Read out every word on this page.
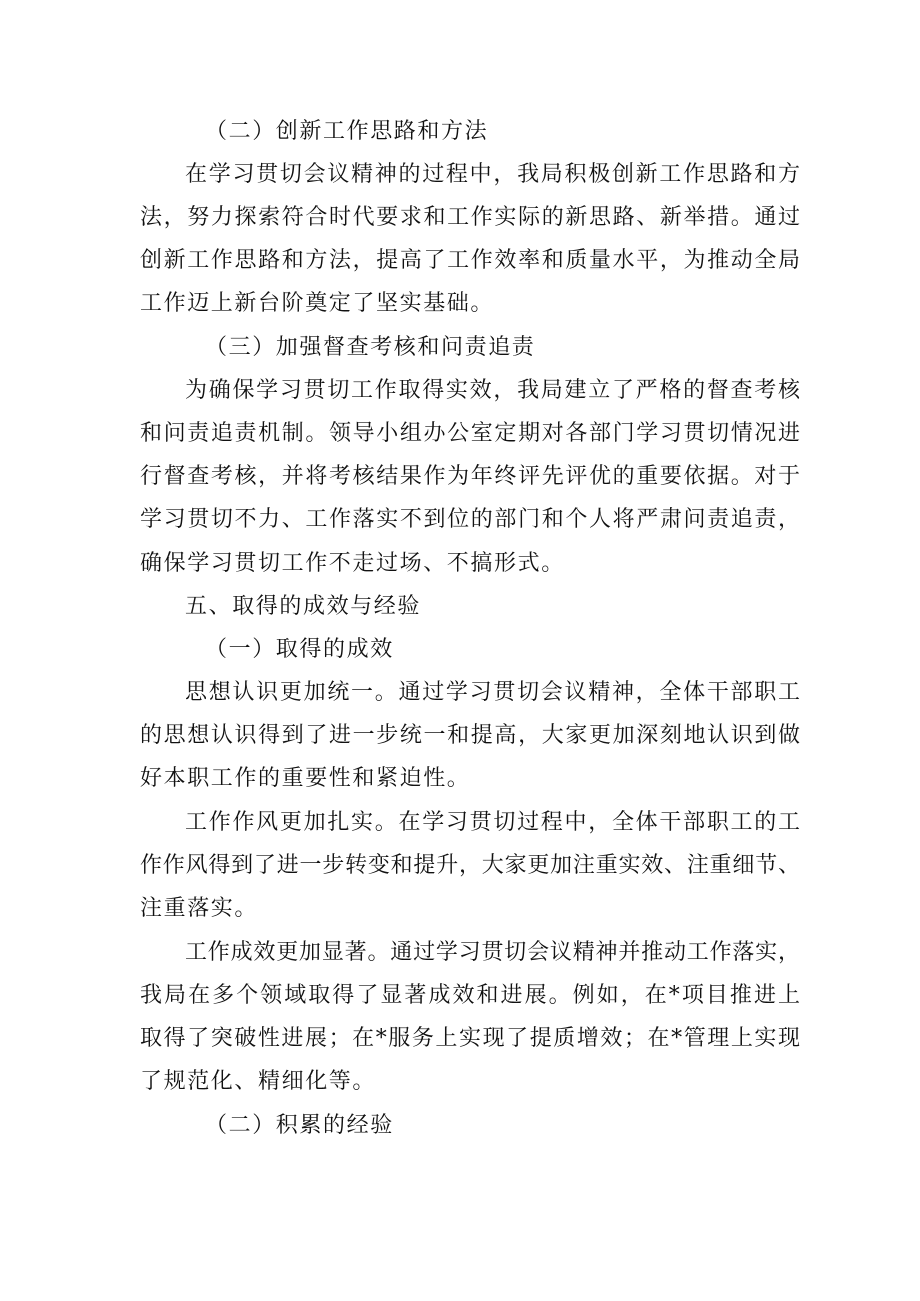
（二）创新工作思路和方法
在学习贯切会议精神的过程中，我局积极创新工作思路和方
法，努力探索符合时代要求和工作实际的新思路、新举措。通过
创新工作思路和方法，提高了工作效率和质量水平，为推动全局
工作迈上新台阶奠定了坚实基础。
（三）加强督查考核和问责追责
为确保学习贯切工作取得实效，我局建立了严格的督查考核
和问责追责机制。领导小组办公室定期对各部门学习贯切情况进
行督查考核，并将考核结果作为年终评先评优的重要依据。对于
学习贯切不力、工作落实不到位的部门和个人将严肃问责追责，
确保学习贯切工作不走过场、不搞形式。
五、取得的成效与经验
（一）取得的成效
思想认识更加统一。通过学习贯切会议精神，全体干部职工
的思想认识得到了进一步统一和提高，大家更加深刻地认识到做
好本职工作的重要性和紧迫性。
工作作风更加扎实。在学习贯切过程中，全体干部职工的工
作作风得到了进一步转变和提升，大家更加注重实效、注重细节、
注重落实。
工作成效更加显著。通过学习贯切会议精神并推动工作落实，
我局在多个领域取得了显著成效和进展。例如，在*项目推进上
取得了突破性进展；在*服务上实现了提质增效；在*管理上实现
了规范化、精细化等。
（二）积累的经验
